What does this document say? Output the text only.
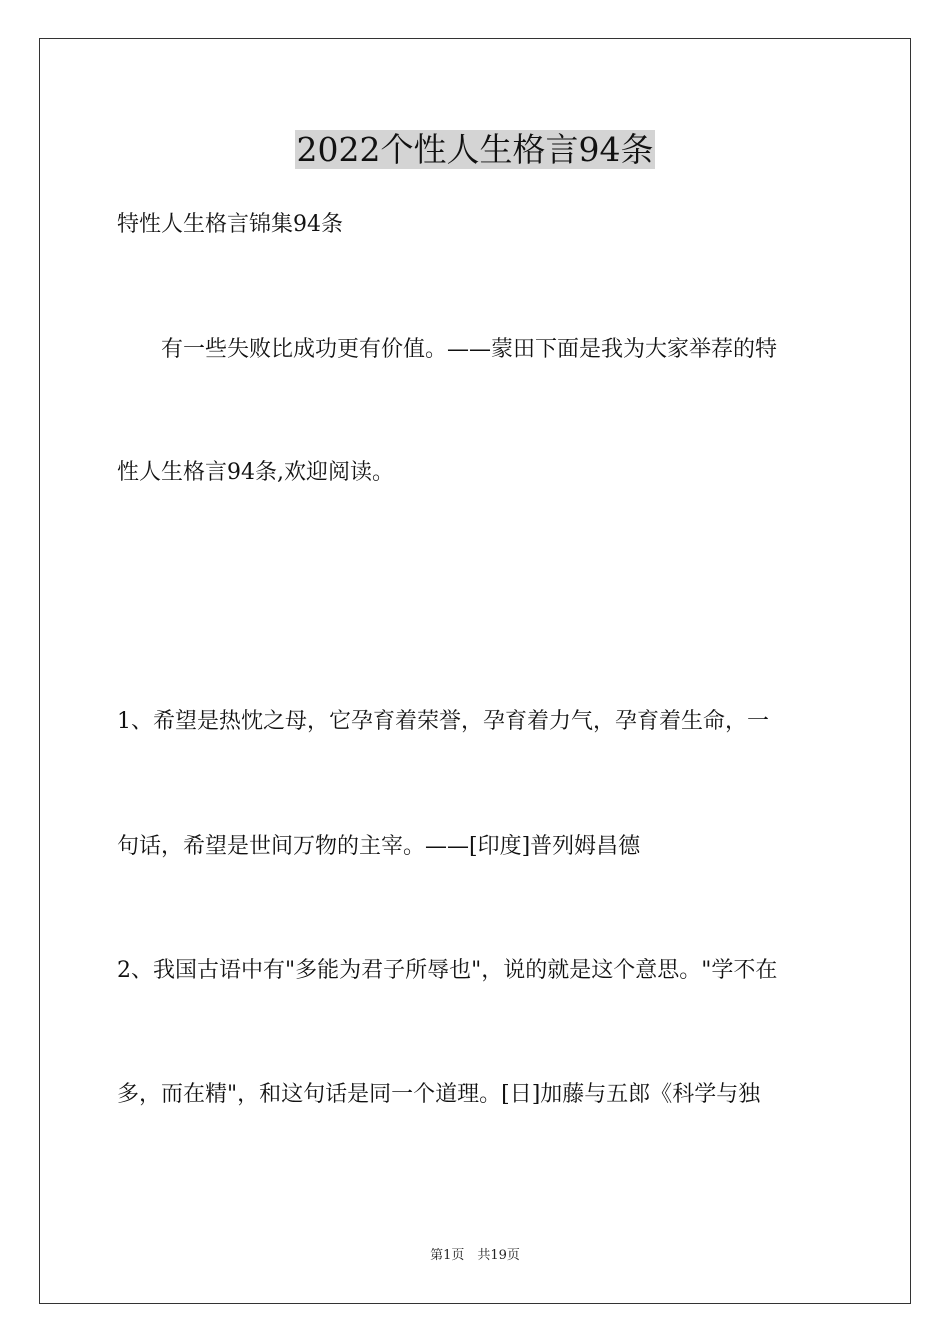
2022个性人生格言94条
特性人生格言锦集94条
　　有一些失败比成功更有价值。——蒙田下面是我为大家举荐的特
性人生格言94条,欢迎阅读。
1、希望是热忱之母，它孕育着荣誉，孕育着力气，孕育着生命，一
句话，希望是世间万物的主宰。——[印度]普列姆昌德
2、我国古语中有"多能为君子所辱也"，说的就是这个意思。"学不在
多，而在精"，和这句话是同一个道理。[日]加藤与五郎《科学与独
第1页　共19页
